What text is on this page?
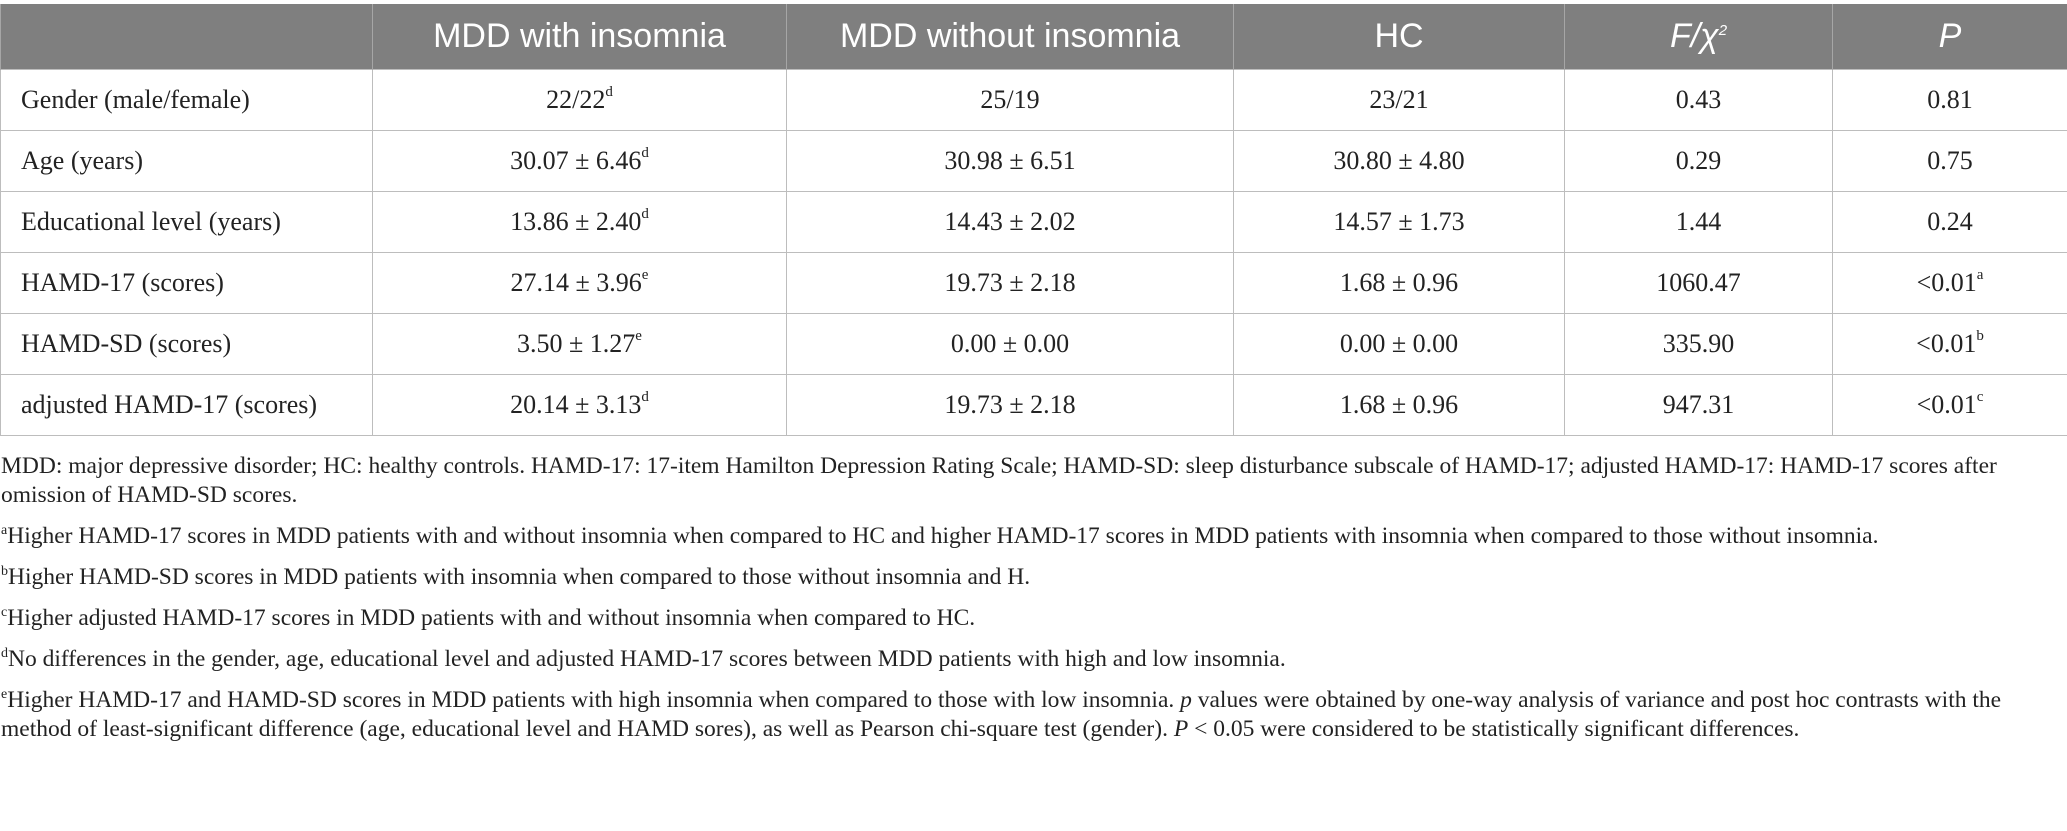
	MDD with insomnia	MDD without insomnia	HC	$F/\chi^2$	P
Gender (male/female)	22/22$^d$	25/19	23/21	0.43	0.81
Age (years)	30.07 ± 6.46$^d$	30.98 ± 6.51	30.80 ± 4.80	0.29	0.75
Educational level (years)	13.86 ± 2.40$^d$	14.43 ± 2.02	14.57 ± 1.73	1.44	0.24
HAMD-17 (scores)	27.14 ± 3.96$^e$	19.73 ± 2.18	1.68 ± 0.96	1060.47	<0.01$^a$
HAMD-SD (scores)	3.50 ± 1.27$^e$	0.00 ± 0.00	0.00 ± 0.00	335.90	<0.01$^b$
adjusted HAMD-17 (scores)	20.14 ± 3.13$^d$	19.73 ± 2.18	1.68 ± 0.96	947.31	<0.01$^c$

MDD: major depressive disorder; HC: healthy controls. HAMD-17: 17-item Hamilton Depression Rating Scale; HAMD-SD: sleep disturbance subscale of HAMD-17; adjusted HAMD-17: HAMD-17 scores after omission of HAMD-SD scores.

$^a$Higher HAMD-17 scores in MDD patients with and without insomnia when compared to HC and higher HAMD-17 scores in MDD patients with insomnia when compared to those without insomnia.

$^b$Higher HAMD-SD scores in MDD patients with insomnia when compared to those without insomnia and H.

$^c$Higher adjusted HAMD-17 scores in MDD patients with and without insomnia when compared to HC.

$^d$No differences in the gender, age, educational level and adjusted HAMD-17 scores between MDD patients with high and low insomnia.

$^e$Higher HAMD-17 and HAMD-SD scores in MDD patients with high insomnia when compared to those with low insomnia. p values were obtained by one-way analysis of variance and post hoc contrasts with the method of least-significant difference (age, educational level and HAMD sores), as well as Pearson chi-square test (gender). P < 0.05 were considered to be statistically significant differences.
